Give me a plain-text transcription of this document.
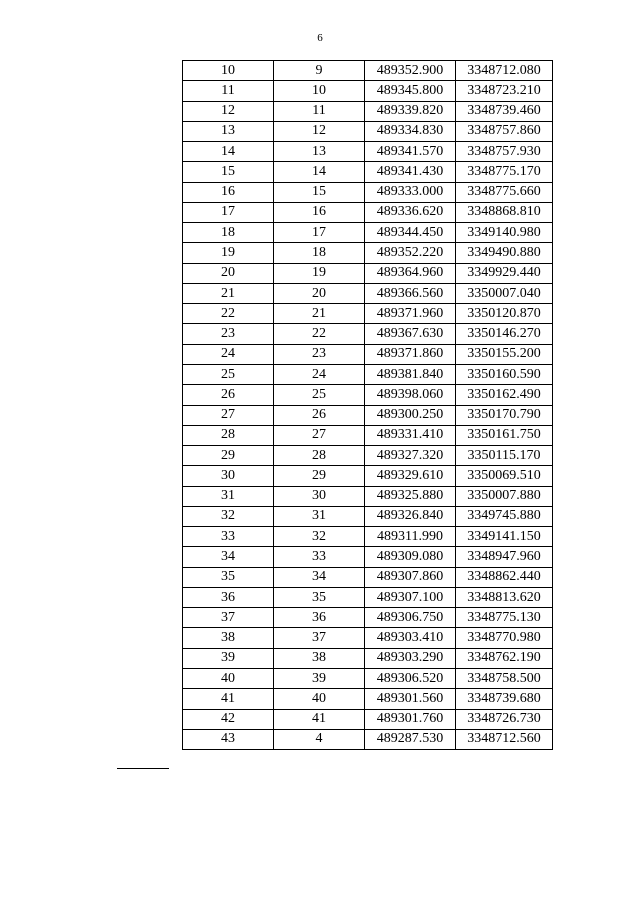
6
10	9	489352.900	3348712.080
11	10	489345.800	3348723.210
12	11	489339.820	3348739.460
13	12	489334.830	3348757.860
14	13	489341.570	3348757.930
15	14	489341.430	3348775.170
16	15	489333.000	3348775.660
17	16	489336.620	3348868.810
18	17	489344.450	3349140.980
19	18	489352.220	3349490.880
20	19	489364.960	3349929.440
21	20	489366.560	3350007.040
22	21	489371.960	3350120.870
23	22	489367.630	3350146.270
24	23	489371.860	3350155.200
25	24	489381.840	3350160.590
26	25	489398.060	3350162.490
27	26	489300.250	3350170.790
28	27	489331.410	3350161.750
29	28	489327.320	3350115.170
30	29	489329.610	3350069.510
31	30	489325.880	3350007.880
32	31	489326.840	3349745.880
33	32	489311.990	3349141.150
34	33	489309.080	3348947.960
35	34	489307.860	3348862.440
36	35	489307.100	3348813.620
37	36	489306.750	3348775.130
38	37	489303.410	3348770.980
39	38	489303.290	3348762.190
40	39	489306.520	3348758.500
41	40	489301.560	3348739.680
42	41	489301.760	3348726.730
43	4	489287.530	3348712.560
